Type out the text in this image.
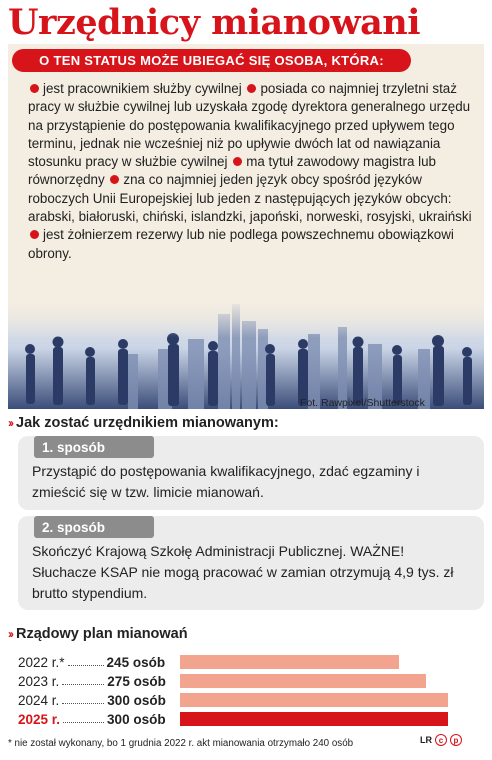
Urzędnicy mianowani
O TEN STATUS MOŻE UBIEGAĆ SIĘ OSOBA, KTÓRA:
jest pracownikiem służby cywilnej posiada co najmniej trzyletni staż pracy w służbie cywilnej lub uzyskała zgodę dyrektora generalnego urzędu na przystąpienie do postępowania kwalifikacyjnego przed upływem tego terminu, jednak nie wcześniej niż po upływie dwóch lat od nawiązania stosunku pracy w służbie cywilnej ma tytuł zawodowy magistra lub równorzędny zna co najmniej jeden język obcy spośród języków roboczych Unii Europejskiej lub jeden z następujących języków obcych: arabski, białoruski, chiński, islandzki, japoński, norweski, rosyjski, ukraiński jest żołnierzem rezerwy lub nie podlega powszechnemu obowiązkowi obrony.
Fot. Rawpixel/Shutterstock
›› Jak zostać urzędnikiem mianowanym:
1. sposób
Przystąpić do postępowania kwalifikacyjnego, zdać egzaminy i zmieścić się w tzw. limicie mianowań.
2. sposób
Skończyć Krajową Szkołę Administracji Publicznej. WAŻNE! Słuchacze KSAP nie mogą pracować w zamian otrzymują 4,9 tys. zł brutto stypendium.
›› Rządowy plan mianowań
2022 r.*	245 osób
2023 r.	275 osób
2024 r.	300 osób
2025 r.	300 osób
* nie został wykonany, bo 1 grudnia 2022 r. akt mianowania otrzymało 240 osób	LR c	p
